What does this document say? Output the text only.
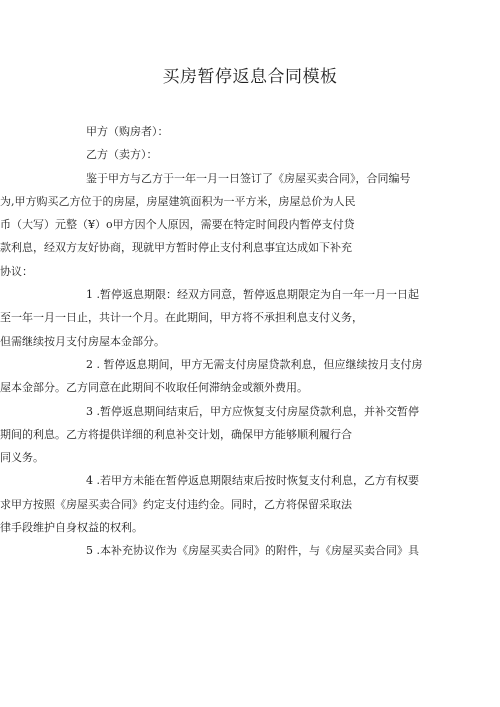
买房暂停返息合同模板

甲方（购房者）：

乙方（卖方）：

鉴于甲方与乙方于一年一月一日签订了《房屋买卖合同》，合同编号
为,甲方购买乙方位于的房屋，房屋建筑面积为一平方米，房屋总价为人民
币（大写）元整（¥）o甲方因个人原因，需要在特定时间段内暂停支付贷
款利息，经双方友好协商，现就甲方暂时停止支付利息事宜达成如下补充
协议：
1 .暂停返息期限：经双方同意，暂停返息期限定为自一年一月一日起
至一年一月一日止，共计一个月。在此期间，甲方将不承担利息支付义务，
但需继续按月支付房屋本金部分。
2 . 暂停返息期间，甲方无需支付房屋贷款利息，但应继续按月支付房
屋本金部分。乙方同意在此期间不收取任何滞纳金或额外费用。
3 .暂停返息期间结束后，甲方应恢复支付房屋贷款利息，并补交暂停
期间的利息。乙方将提供详细的利息补交计划，确保甲方能够顺利履行合
同义务。
4 .若甲方未能在暂停返息期限结束后按时恢复支付利息，乙方有权要
求甲方按照《房屋买卖合同》约定支付违约金。同时，乙方将保留采取法
律手段维护自身权益的权利。
5 .本补充协议作为《房屋买卖合同》的附件，与《房屋买卖合同》具
